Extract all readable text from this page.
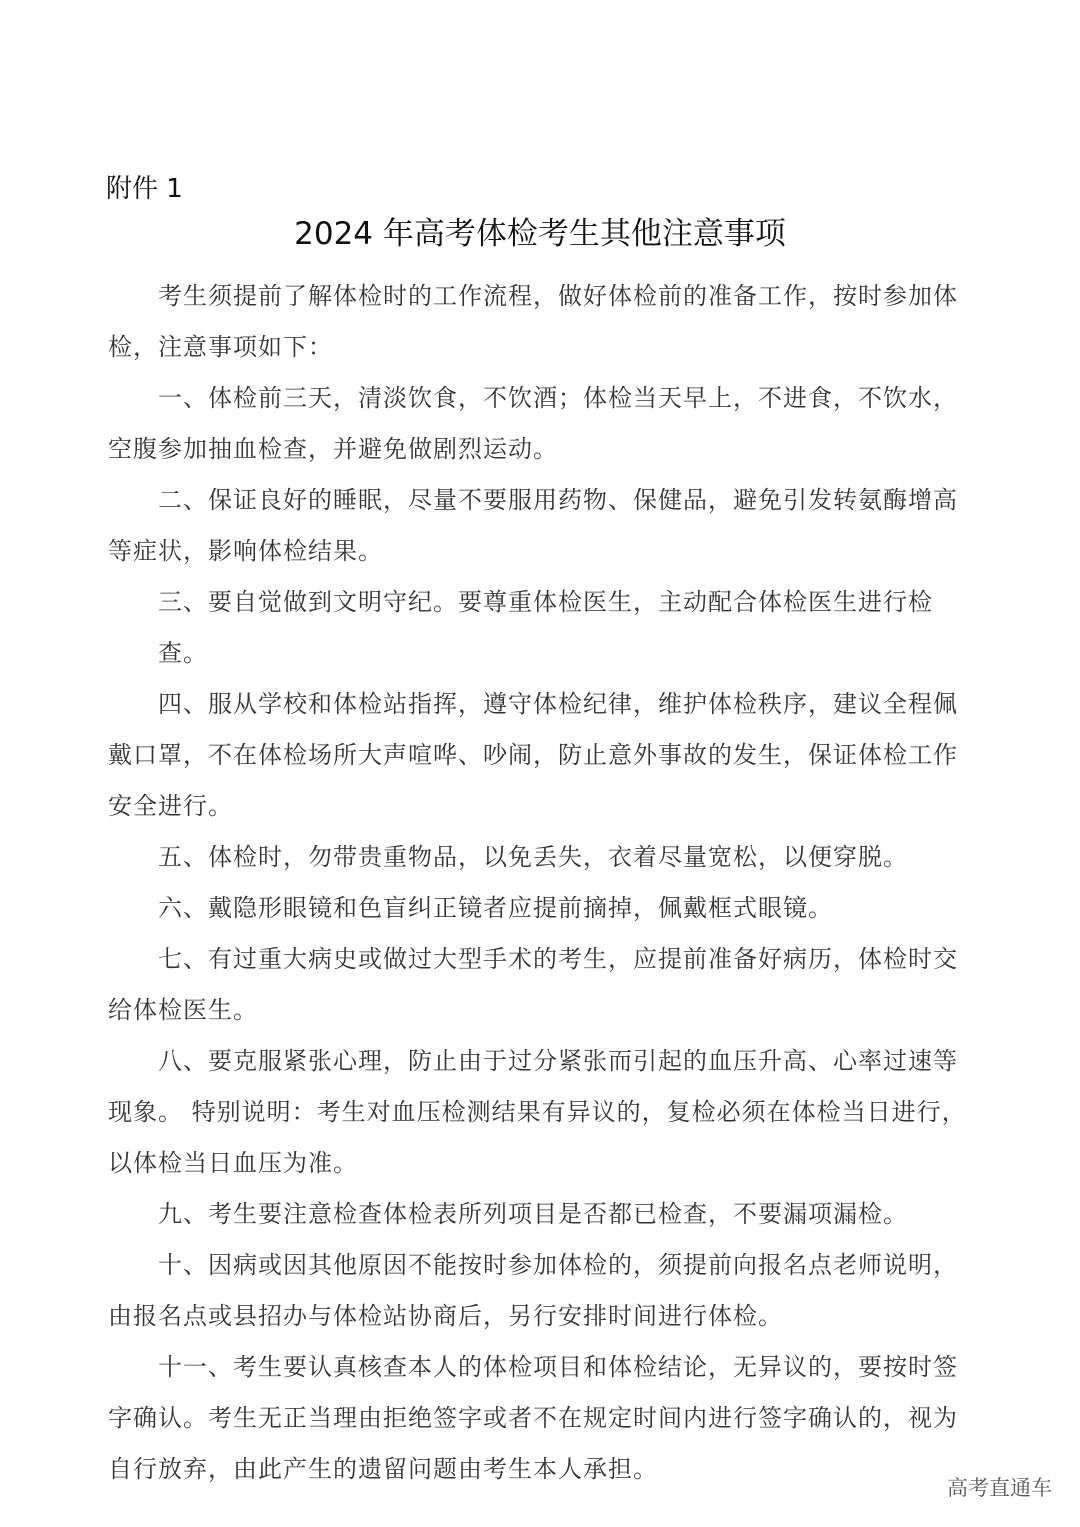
附件 1
2024 年高考体检考生其他注意事项
考生须提前了解体检时的工作流程，做好体检前的准备工作，按时参加体
检，注意事项如下：
一、体检前三天，清淡饮食，不饮酒；体检当天早上，不进食，不饮水，
空腹参加抽血检查，并避免做剧烈运动。
二、保证良好的睡眠，尽量不要服用药物、保健品，避免引发转氨酶增高
等症状，影响体检结果。
三、要自觉做到文明守纪。要尊重体检医生，主动配合体检医生进行检查。
四、服从学校和体检站指挥，遵守体检纪律，维护体检秩序，建议全程佩
戴口罩，不在体检场所大声喧哗、吵闹，防止意外事故的发生，保证体检工作
安全进行。
五、体检时，勿带贵重物品，以免丢失，衣着尽量宽松，以便穿脱。
六、戴隐形眼镜和色盲纠正镜者应提前摘掉，佩戴框式眼镜。
七、有过重大病史或做过大型手术的考生，应提前准备好病历，体检时交
给体检医生。
八、要克服紧张心理，防止由于过分紧张而引起的血压升高、心率过速等
现象。 特别说明：考生对血压检测结果有异议的，复检必须在体检当日进行，
以体检当日血压为准。
九、考生要注意检查体检表所列项目是否都已检查，不要漏项漏检。
十、因病或因其他原因不能按时参加体检的，须提前向报名点老师说明，
由报名点或县招办与体检站协商后，另行安排时间进行体检。
十一、考生要认真核查本人的体检项目和体检结论，无异议的，要按时签
字确认。考生无正当理由拒绝签字或者不在规定时间内进行签字确认的，视为
自行放弃，由此产生的遗留问题由考生本人承担。
高考直通车
